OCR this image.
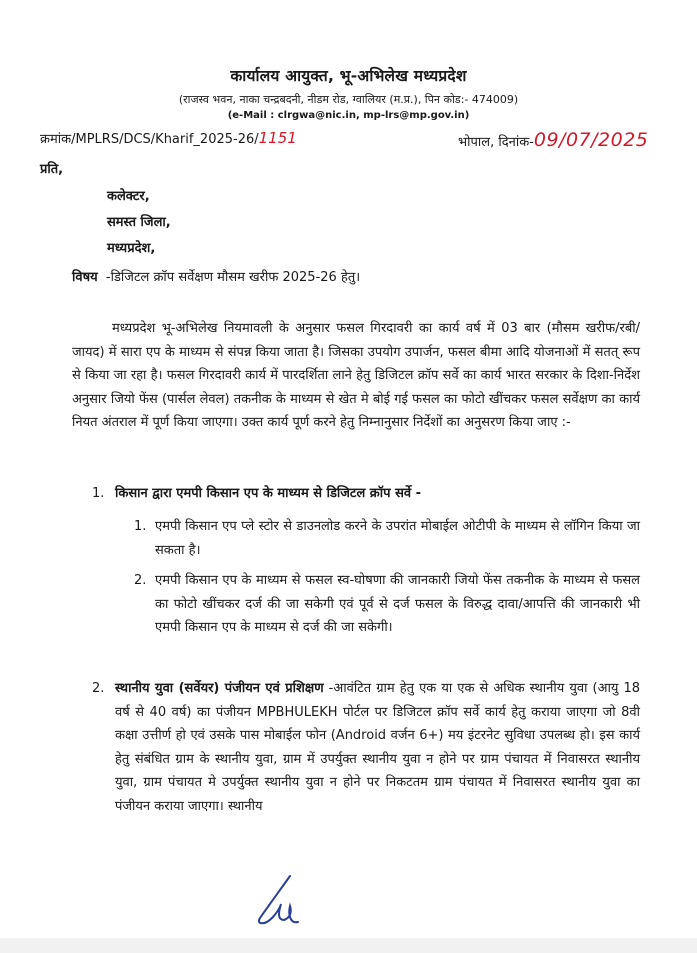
कार्यालय आयुक्त, भू-अभिलेख मध्यप्रदेश
(राजस्व भवन, नाका चन्द्रबदनी, नीडम रोड, ग्वालियर (म.प्र.), पिन कोड:- 474009)
(e-Mail : clrgwa@nic.in, mp-lrs@mp.gov.in)
क्रमांक/MPLRS/DCS/Kharif_2025-26/1151	भोपाल, दिनांक-09/07/2025
प्रति,
कलेक्टर,
समस्त जिला,
मध्यप्रदेश,
विषय -डिजिटल क्रॉप सर्वेक्षण मौसम खरीफ 2025-26 हेतु।
मध्यप्रदेश भू-अभिलेख नियमावली के अनुसार फसल गिरदावरी का कार्य वर्ष में 03 बार (मौसम खरीफ/रबी/जायद) में सारा एप के माध्यम से संपन्न किया जाता है। जिसका उपयोग उपार्जन, फसल बीमा आदि योजनाओं में सतत् रूप से किया जा रहा है। फसल गिरदावरी कार्य में पारदर्शिता लाने हेतु डिजिटल क्रॉप सर्वे का कार्य भारत सरकार के दिशा-निर्देश अनुसार जियो फेंस (पार्सल लेवल) तकनीक के माध्यम से खेत मे बोई गई फसल का फोटो खींचकर फसल सर्वेक्षण का कार्य नियत अंतराल में पूर्ण किया जाएगा। उक्त कार्य पूर्ण करने हेतु निम्नानुसार निर्देशों का अनुसरण किया जाए :-
1. किसान द्वारा एमपी किसान एप के माध्यम से डिजिटल क्रॉप सर्वे -
1. एमपी किसान एप प्ले स्टोर से डाउनलोड करने के उपरांत मोबाईल ओटीपी के माध्यम से लॉगिन किया जा सकता है।
2. एमपी किसान एप के माध्यम से फसल स्व-घोषणा की जानकारी जियो फेंस तकनीक के माध्यम से फसल का फोटो खींचकर दर्ज की जा सकेगी एवं पूर्व से दर्ज फसल के विरुद्ध दावा/आपत्ति की जानकारी भी एमपी किसान एप के माध्यम से दर्ज की जा सकेगी।
2. स्थानीय युवा (सर्वेयर) पंजीयन एवं प्रशिक्षण -आवंटित ग्राम हेतु एक या एक से अधिक स्थानीय युवा (आयु 18 वर्ष से 40 वर्ष) का पंजीयन MPBHULEKH पोर्टल पर डिजिटल क्रॉप सर्वे कार्य हेतु कराया जाएगा जो 8वी कक्षा उत्तीर्ण हो एवं उसके पास मोबाईल फोन (Android वर्जन 6+) मय इंटरनेट सुविधा उपलब्ध हो। इस कार्य हेतु संबंधित ग्राम के स्थानीय युवा, ग्राम में उपर्युक्त स्थानीय युवा न होने पर ग्राम पंचायत में निवासरत स्थानीय युवा, ग्राम पंचायत मे उपर्युक्त स्थानीय युवा न होने पर निकटतम ग्राम पंचायत में निवासरत स्थानीय युवा का पंजीयन कराया जाएगा। स्थानीय
